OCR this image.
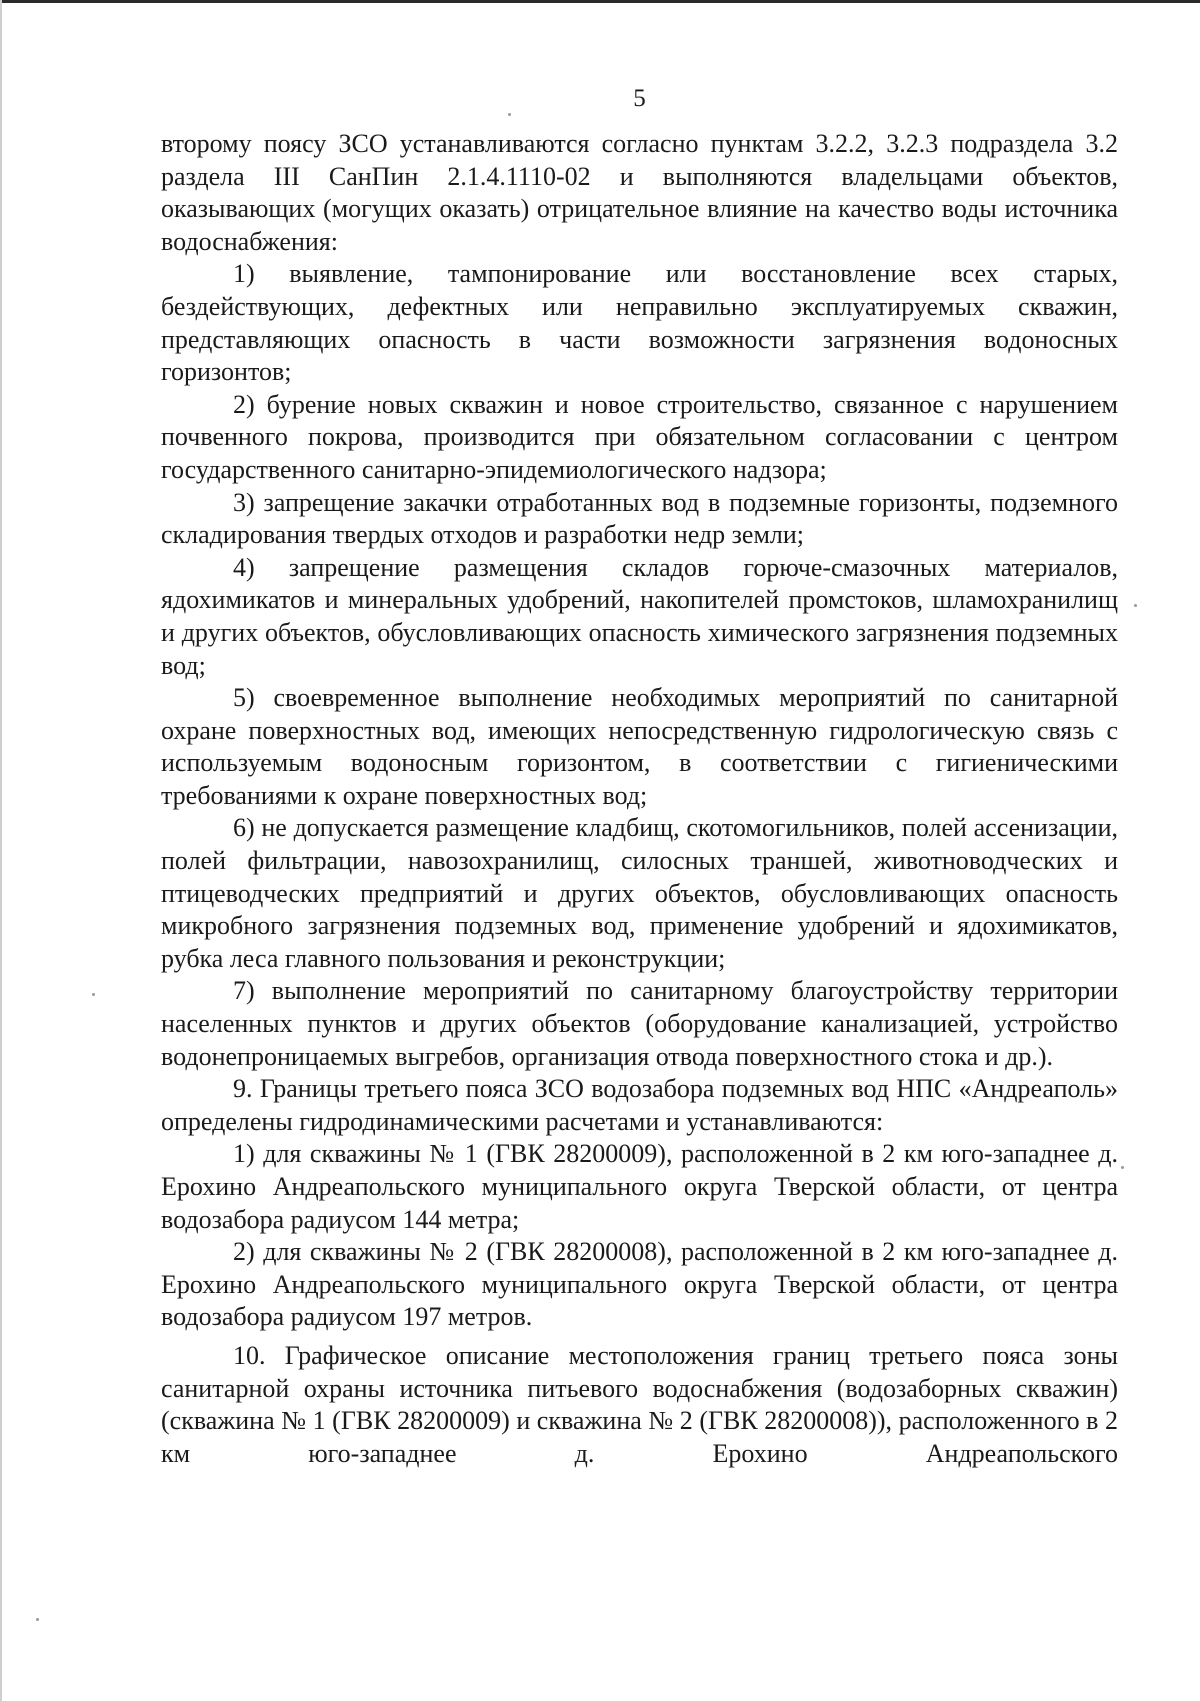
5

второму поясу ЗСО устанавливаются согласно пунктам 3.2.2, 3.2.3 подраздела 3.2 раздела III СанПин 2.1.4.1110-02 и выполняются владельцами объектов, оказывающих (могущих оказать) отрицательное влияние на качество воды источника водоснабжения:

1) выявление, тампонирование или восстановление всех старых, бездействующих, дефектных или неправильно эксплуатируемых скважин, представляющих опасность в части возможности загрязнения водоносных горизонтов;

2) бурение новых скважин и новое строительство, связанное с нарушением почвенного покрова, производится при обязательном согласовании с центром государственного санитарно-эпидемиологического надзора;

3) запрещение закачки отработанных вод в подземные горизонты, подземного складирования твердых отходов и разработки недр земли;

4) запрещение размещения складов горюче-смазочных материалов, ядохимикатов и минеральных удобрений, накопителей промстоков, шламохранилищ и других объектов, обусловливающих опасность химического загрязнения подземных вод;

5) своевременное выполнение необходимых мероприятий по санитарной охране поверхностных вод, имеющих непосредственную гидрологическую связь с используемым водоносным горизонтом, в соответствии с гигиеническими требованиями к охране поверхностных вод;

6) не допускается размещение кладбищ, скотомогильников, полей ассенизации, полей фильтрации, навозохранилищ, силосных траншей, животноводческих и птицеводческих предприятий и других объектов, обусловливающих опасность микробного загрязнения подземных вод, применение удобрений и ядохимикатов, рубка леса главного пользования и реконструкции;

7) выполнение мероприятий по санитарному благоустройству территории населенных пунктов и других объектов (оборудование канализацией, устройство водонепроницаемых выгребов, организация отвода поверхностного стока и др.).

9. Границы третьего пояса ЗСО водозабора подземных вод НПС «Андреаполь» определены гидродинамическими расчетами и устанавливаются:

1) для скважины № 1 (ГВК 28200009), расположенной в 2 км юго-западнее д. Ерохино Андреапольского муниципального округа Тверской области, от центра водозабора радиусом 144 метра;

2) для скважины № 2 (ГВК 28200008), расположенной в 2 км юго-западнее д. Ерохино Андреапольского муниципального округа Тверской области, от центра водозабора радиусом 197 метров.

10. Графическое описание местоположения границ третьего пояса зоны санитарной охраны источника питьевого водоснабжения (водозаборных скважин) (скважина № 1 (ГВК 28200009) и скважина № 2 (ГВК 28200008)), расположенного в 2 км юго-западнее д. Ерохино Андреапольского
